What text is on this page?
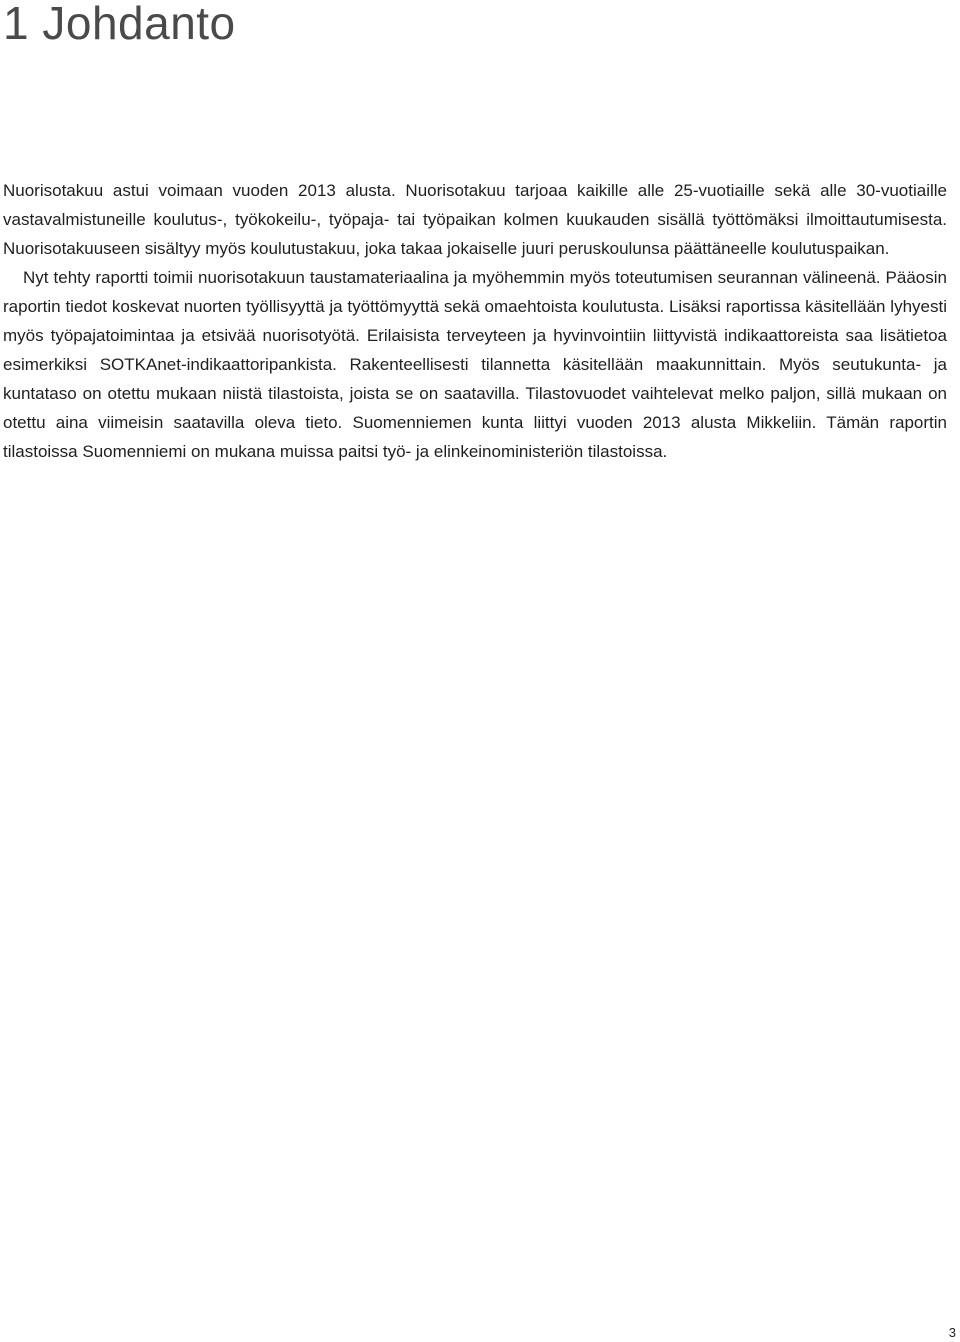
1 Johdanto

Nuorisotakuu astui voimaan vuoden 2013 alusta. Nuorisotakuu tarjoaa kaikille alle 25-vuotiaille sekä alle 30-vuotiaille vastavalmistuneille koulutus-, työkokeilu-, työpaja- tai työpaikan kolmen kuukauden sisällä työttömäksi ilmoittautumisesta. Nuorisotakuuseen sisältyy myös koulutustakuu, joka takaa jokaiselle juuri peruskoulunsa päättäneelle koulutuspaikan.

Nyt tehty raportti toimii nuorisotakuun taustamateriaalina ja myöhemmin myös toteutumisen seurannan välineenä. Pääosin raportin tiedot koskevat nuorten työllisyyttä ja työttömyyttä sekä omaehtoista koulutusta. Lisäksi raportissa käsitellään lyhyesti myös työpajatoimintaa ja etsivää nuorisotyötä. Erilaisista terveyteen ja hyvinvointiin liittyvistä indikaattoreista saa lisätietoa esimerkiksi SOTKAnet-indikaattoripankista. Rakenteellisesti tilannetta käsitellään maakunnittain. Myös seutukunta- ja kuntataso on otettu mukaan niistä tilastoista, joista se on saatavilla. Tilastovuodet vaihtelevat melko paljon, sillä mukaan on otettu aina viimeisin saatavilla oleva tieto. Suomenniemen kunta liittyi vuoden 2013 alusta Mikkeliin. Tämän raportin tilastoissa Suomenniemi on mukana muissa paitsi työ- ja elinkeinoministeriön tilastoissa.

3
